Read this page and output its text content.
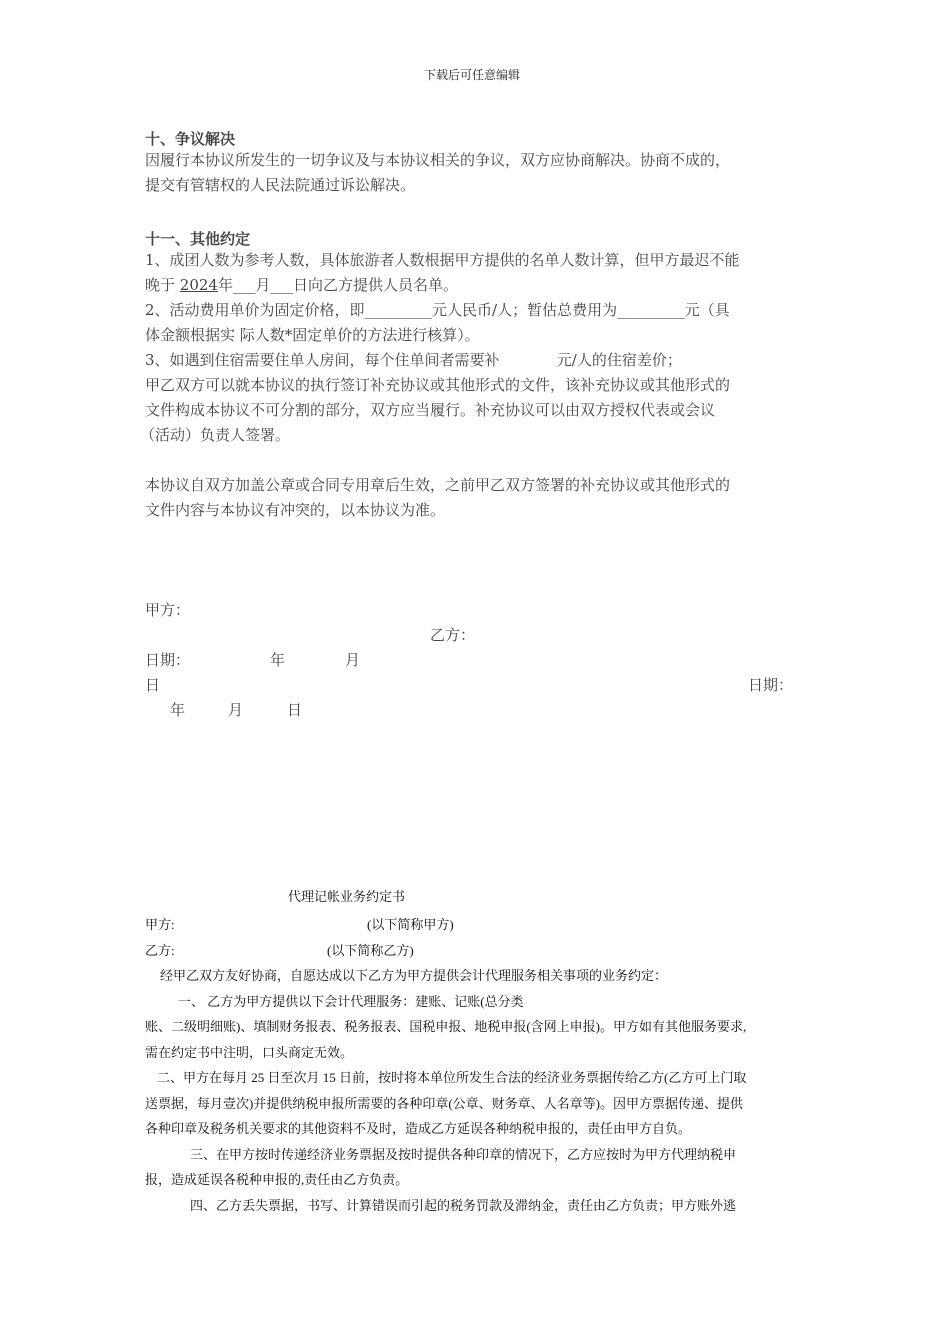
下载后可任意编辑
十、争议解决
因履行本协议所发生的一切争议及与本协议相关的争议，双方应协商解决。协商不成的，
提交有管辖权的人民法院通过诉讼解决。
十一、其他约定
1、成团人数为参考人数，具体旅游者人数根据甲方提供的名单人数计算，但甲方最迟不能
晚于 2024年___月___日向乙方提供人员名单。
2、活动费用单价为固定价格，即_________元人民币/人；暂估总费用为_________元（具
体金额根据实 际人数*固定单价的方法进行核算）。
3、如遇到住宿需要住单人房间，每个住单间者需要补            元/人的住宿差价；
甲乙双方可以就本协议的执行签订补充协议或其他形式的文件，该补充协议或其他形式的
文件构成本协议不可分割的部分，双方应当履行。补充协议可以由双方授权代表或会议
（活动）负责人签署。
本协议自双方加盖公章或合同专用章后生效，之前甲乙双方签署的补充协议或其他形式的
文件内容与本协议有冲突的，以本协议为准。
甲方：
乙方：
日期：	年	月
日	日期：
年	月	日
代理记帐业务约定书
甲方:	(以下简称甲方)
乙方:	(以下简称乙方)
经甲乙双方友好协商，自愿达成以下乙方为甲方提供会计代理服务相关事项的业务约定：
一、 乙方为甲方提供以下会计代理服务：建账、记账(总分类
账、二级明细账)、填制财务报表、税务报表、国税申报、地税申报(含网上申报)。甲方如有其他服务要求,
需在约定书中注明，口头商定无效。
二、甲方在每月 25 日至次月 15 日前，按时将本单位所发生合法的经济业务票据传给乙方(乙方可上门取
送票据，每月壹次)并提供纳税申报所需要的各种印章(公章、财务章、人名章等)。因甲方票据传递、提供
各种印章及税务机关要求的其他资料不及时，造成乙方延误各种纳税申报的，责任由甲方自负。
三、在甲方按时传递经济业务票据及按时提供各种印章的情况下，乙方应按时为甲方代理纳税申
报，造成延误各税种申报的,责任由乙方负责。
四、乙方丢失票据，书写、计算错误而引起的税务罚款及滞纳金，责任由乙方负责；甲方账外逃
